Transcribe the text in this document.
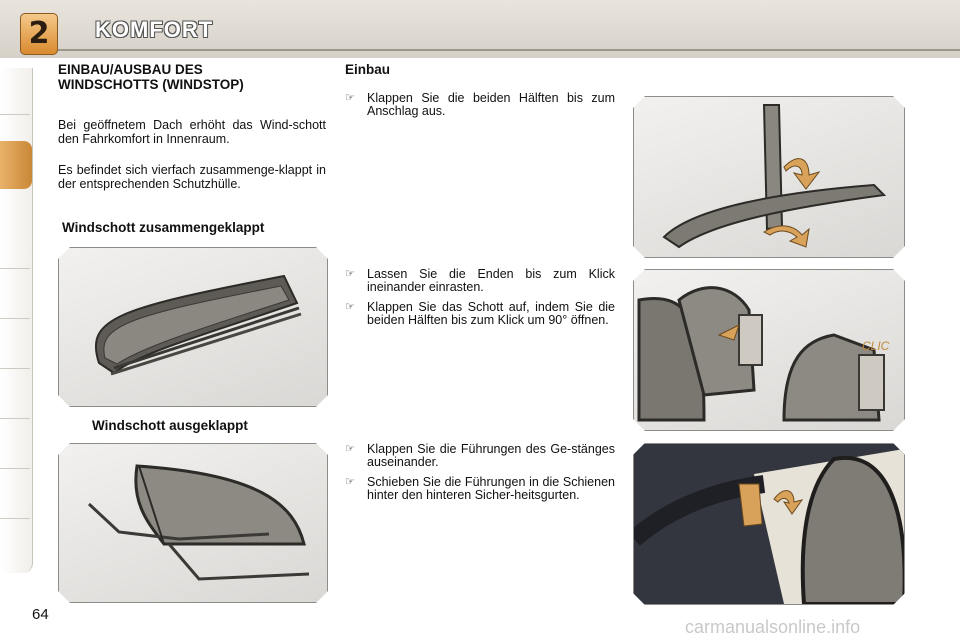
2	KOMFORT
EINBAU/AUSBAU DES WINDSCHOTTS (WINDSTOP)
Bei geöffnetem Dach erhöht das Wind-schott den Fahrkomfort in Innenraum.
Es befindet sich vierfach zusammenge-klappt in der entsprechenden Schutzhülle.
Windschott zusammengeklappt
Windschott ausgeklappt
Einbau
☞ Klappen Sie die beiden Hälften bis zum Anschlag aus.
☞ Lassen Sie die Enden bis zum Klick ineinander einrasten.
☞ Klappen Sie das Schott auf, indem Sie die beiden Hälften bis zum Klick um 90° öffnen.
☞ Klappen Sie die Führungen des Ge-stänges auseinander.
☞ Schieben Sie die Führungen in die Schienen hinter den hinteren Sicher-heitsgurten.
CLIC
64
carmanualsonline.info
